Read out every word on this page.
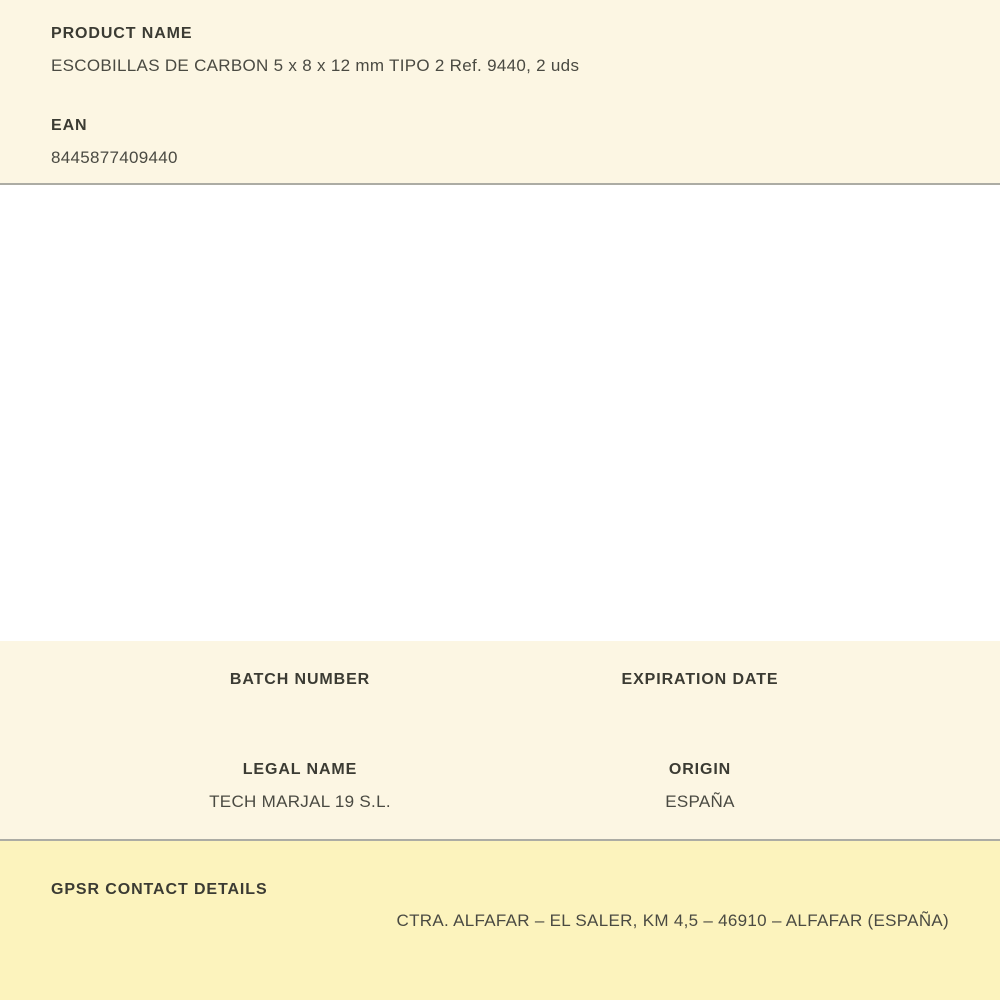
PRODUCT NAME
ESCOBILLAS DE CARBON 5 x 8 x 12 mm TIPO 2 Ref. 9440, 2 uds
EAN
8445877409440
BATCH NUMBER	EXPIRATION DATE
LEGAL NAME
TECH MARJAL 19 S.L.
ORIGIN
ESPAÑA
GPSR CONTACT DETAILS
CTRA. ALFAFAR – EL SALER, KM 4,5 – 46910 – ALFAFAR (ESPAÑA)
